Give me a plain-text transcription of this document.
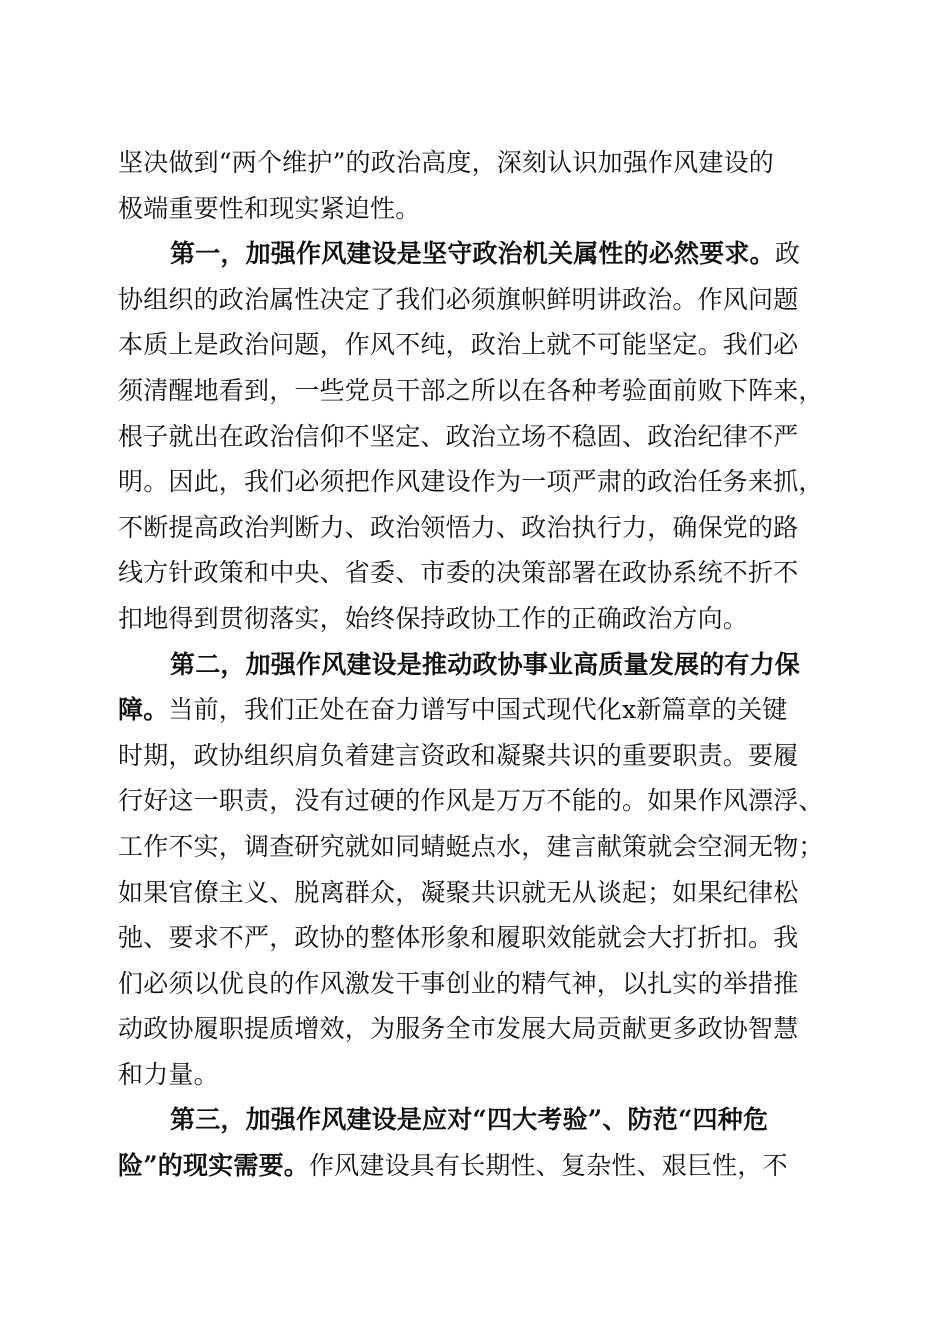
坚决做到“两个维护”的政治高度，深刻认识加强作风建设的
极端重要性和现实紧迫性。
第一，加强作风建设是坚守政治机关属性的必然要求。政
协组织的政治属性决定了我们必须旗帜鲜明讲政治。作风问题
本质上是政治问题，作风不纯，政治上就不可能坚定。我们必
须清醒地看到，一些党员干部之所以在各种考验面前败下阵来，
根子就出在政治信仰不坚定、政治立场不稳固、政治纪律不严
明。因此，我们必须把作风建设作为一项严肃的政治任务来抓，
不断提高政治判断力、政治领悟力、政治执行力，确保党的路
线方针政策和中央、省委、市委的决策部署在政协系统不折不
扣地得到贯彻落实，始终保持政协工作的正确政治方向。
第二，加强作风建设是推动政协事业高质量发展的有力保
障。当前，我们正处在奋力谱写中国式现代化x新篇章的关键
时期，政协组织肩负着建言资政和凝聚共识的重要职责。要履
行好这一职责，没有过硬的作风是万万不能的。如果作风漂浮、
工作不实，调查研究就如同蜻蜓点水，建言献策就会空洞无物；
如果官僚主义、脱离群众，凝聚共识就无从谈起；如果纪律松
弛、要求不严，政协的整体形象和履职效能就会大打折扣。我
们必须以优良的作风激发干事创业的精气神，以扎实的举措推
动政协履职提质增效，为服务全市发展大局贡献更多政协智慧
和力量。
第三，加强作风建设是应对“四大考验”、防范“四种危
险”的现实需要。作风建设具有长期性、复杂性、艰巨性，不
